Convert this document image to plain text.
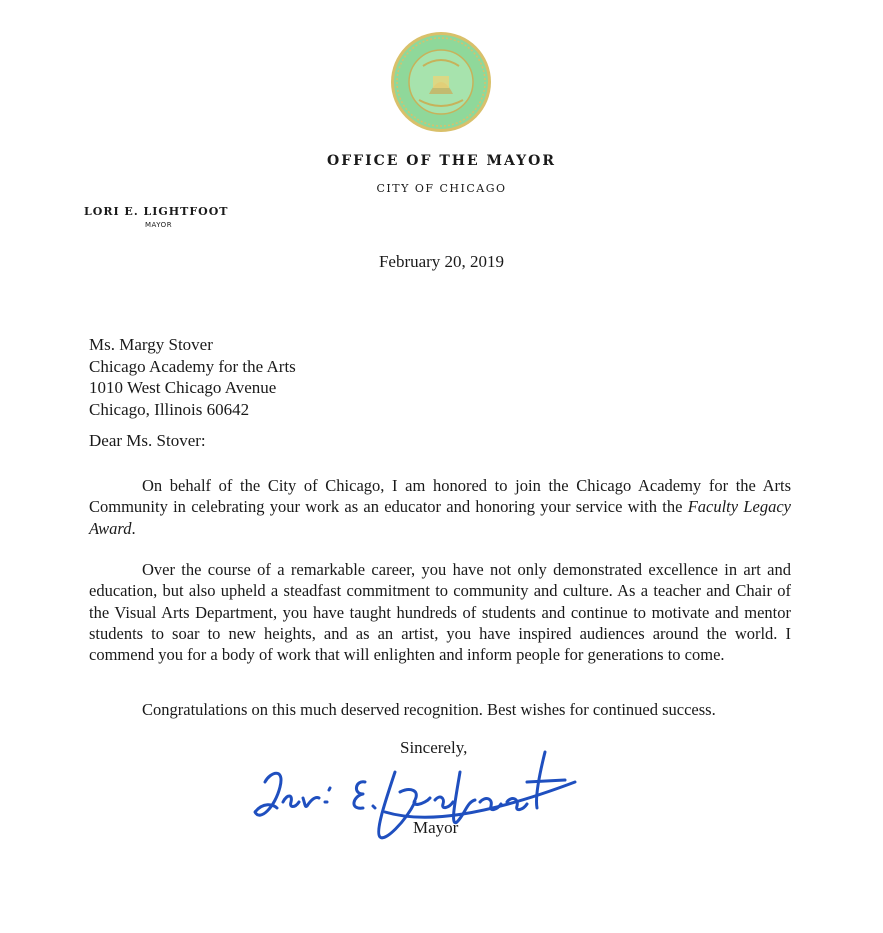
OFFICE OF THE MAYOR
CITY OF CHICAGO
LORI E. LIGHTFOOT
MAYOR
February 20, 2019
Ms. Margy Stover
Chicago Academy for the Arts
1010 West Chicago Avenue
Chicago, Illinois 60642
Dear Ms. Stover:
On behalf of the City of Chicago, I am honored to join the Chicago Academy for the Arts Community in celebrating your work as an educator and honoring your service with the Faculty Legacy Award.
Over the course of a remarkable career, you have not only demonstrated excellence in art and education, but also upheld a steadfast commitment to community and culture. As a teacher and Chair of the Visual Arts Department, you have taught hundreds of students and continue to motivate and mentor students to soar to new heights, and as an artist, you have inspired audiences around the world. I commend you for a body of work that will enlighten and inform people for generations to come.
Congratulations on this much deserved recognition. Best wishes for continued success.
Sincerely,
Mayor
